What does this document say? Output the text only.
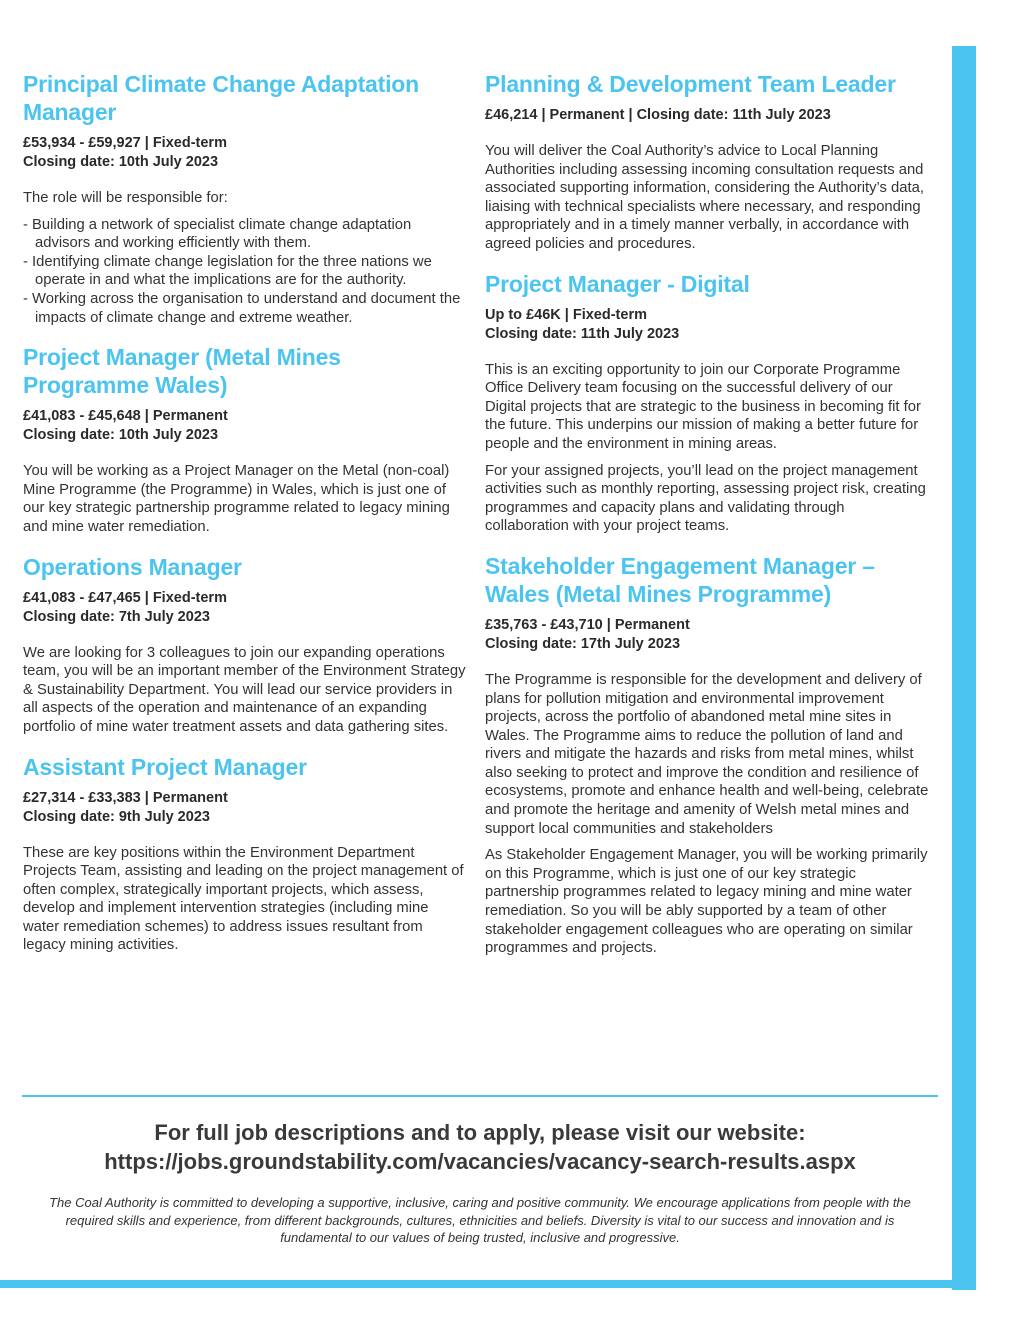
Principal Climate Change Adaptation Manager
£53,934 - £59,927 | Fixed-term
Closing date: 10th July 2023

The role will be responsible for:

- Building a network of specialist climate change adaptation advisors and working efficiently with them.
- Identifying climate change legislation for the three nations we operate in and what the implications are for the authority.
- Working across the organisation to understand and document the impacts of climate change and extreme weather.
Project Manager (Metal Mines Programme Wales)
£41,083 - £45,648 | Permanent
Closing date: 10th July 2023

You will be working as a Project Manager on the Metal (non-coal) Mine Programme (the Programme) in Wales, which is just one of our key strategic partnership programme related to legacy mining and mine water remediation.

Operations Manager
£41,083 - £47,465 | Fixed-term
Closing date: 7th July 2023

We are looking for 3 colleagues to join our expanding operations team, you will be an important member of the Environment Strategy & Sustainability Department. You will lead our service providers in all aspects of the operation and maintenance of an expanding portfolio of mine water treatment assets and data gathering sites.

Assistant Project Manager
£27,314 - £33,383 | Permanent
Closing date: 9th July 2023

These are key positions within the Environment Department Projects Team, assisting and leading on the project management of often complex, strategically important projects, which assess, develop and implement intervention strategies (including mine water remediation schemes) to address issues resultant from legacy mining activities.

Planning & Development Team Leader
£46,214 | Permanent | Closing date: 11th July 2023

You will deliver the Coal Authority’s advice to Local Planning Authorities including assessing incoming consultation requests and associated supporting information, considering the Authority’s data, liaising with technical specialists where necessary, and responding appropriately and in a timely manner verbally, in accordance with agreed policies and procedures.

Project Manager - Digital
Up to £46K | Fixed-term
Closing date: 11th July 2023

This is an exciting opportunity to join our Corporate Programme Office Delivery team focusing on the successful delivery of our Digital projects that are strategic to the business in becoming fit for the future. This underpins our mission of making a better future for people and the environment in mining areas.

For your assigned projects, you’ll lead on the project management activities such as monthly reporting, assessing project risk, creating programmes and capacity plans and validating through collaboration with your project teams.

Stakeholder Engagement Manager – Wales (Metal Mines Programme)
£35,763 - £43,710 | Permanent
Closing date: 17th July 2023

The Programme is responsible for the development and delivery of plans for pollution mitigation and environmental improvement projects, across the portfolio of abandoned metal mine sites in Wales. The Programme aims to reduce the pollution of land and rivers and mitigate the hazards and risks from metal mines, whilst also seeking to protect and improve the condition and resilience of ecosystems, promote and enhance health and well-being, celebrate and promote the heritage and amenity of Welsh metal mines and support local communities and stakeholders

As Stakeholder Engagement Manager, you will be working primarily on this Programme, which is just one of our key strategic partnership programmes related to legacy mining and mine water remediation. So you will be ably supported by a team of other stakeholder engagement colleagues who are operating on similar programmes and projects.

For full job descriptions and to apply, please visit our website:
https://jobs.groundstability.com/vacancies/vacancy-search-results.aspx
The Coal Authority is committed to developing a supportive, inclusive, caring and positive community. We encourage applications from people with the required skills and experience, from different backgrounds, cultures, ethnicities and beliefs. Diversity is vital to our success and innovation and is fundamental to our values of being trusted, inclusive and progressive.
